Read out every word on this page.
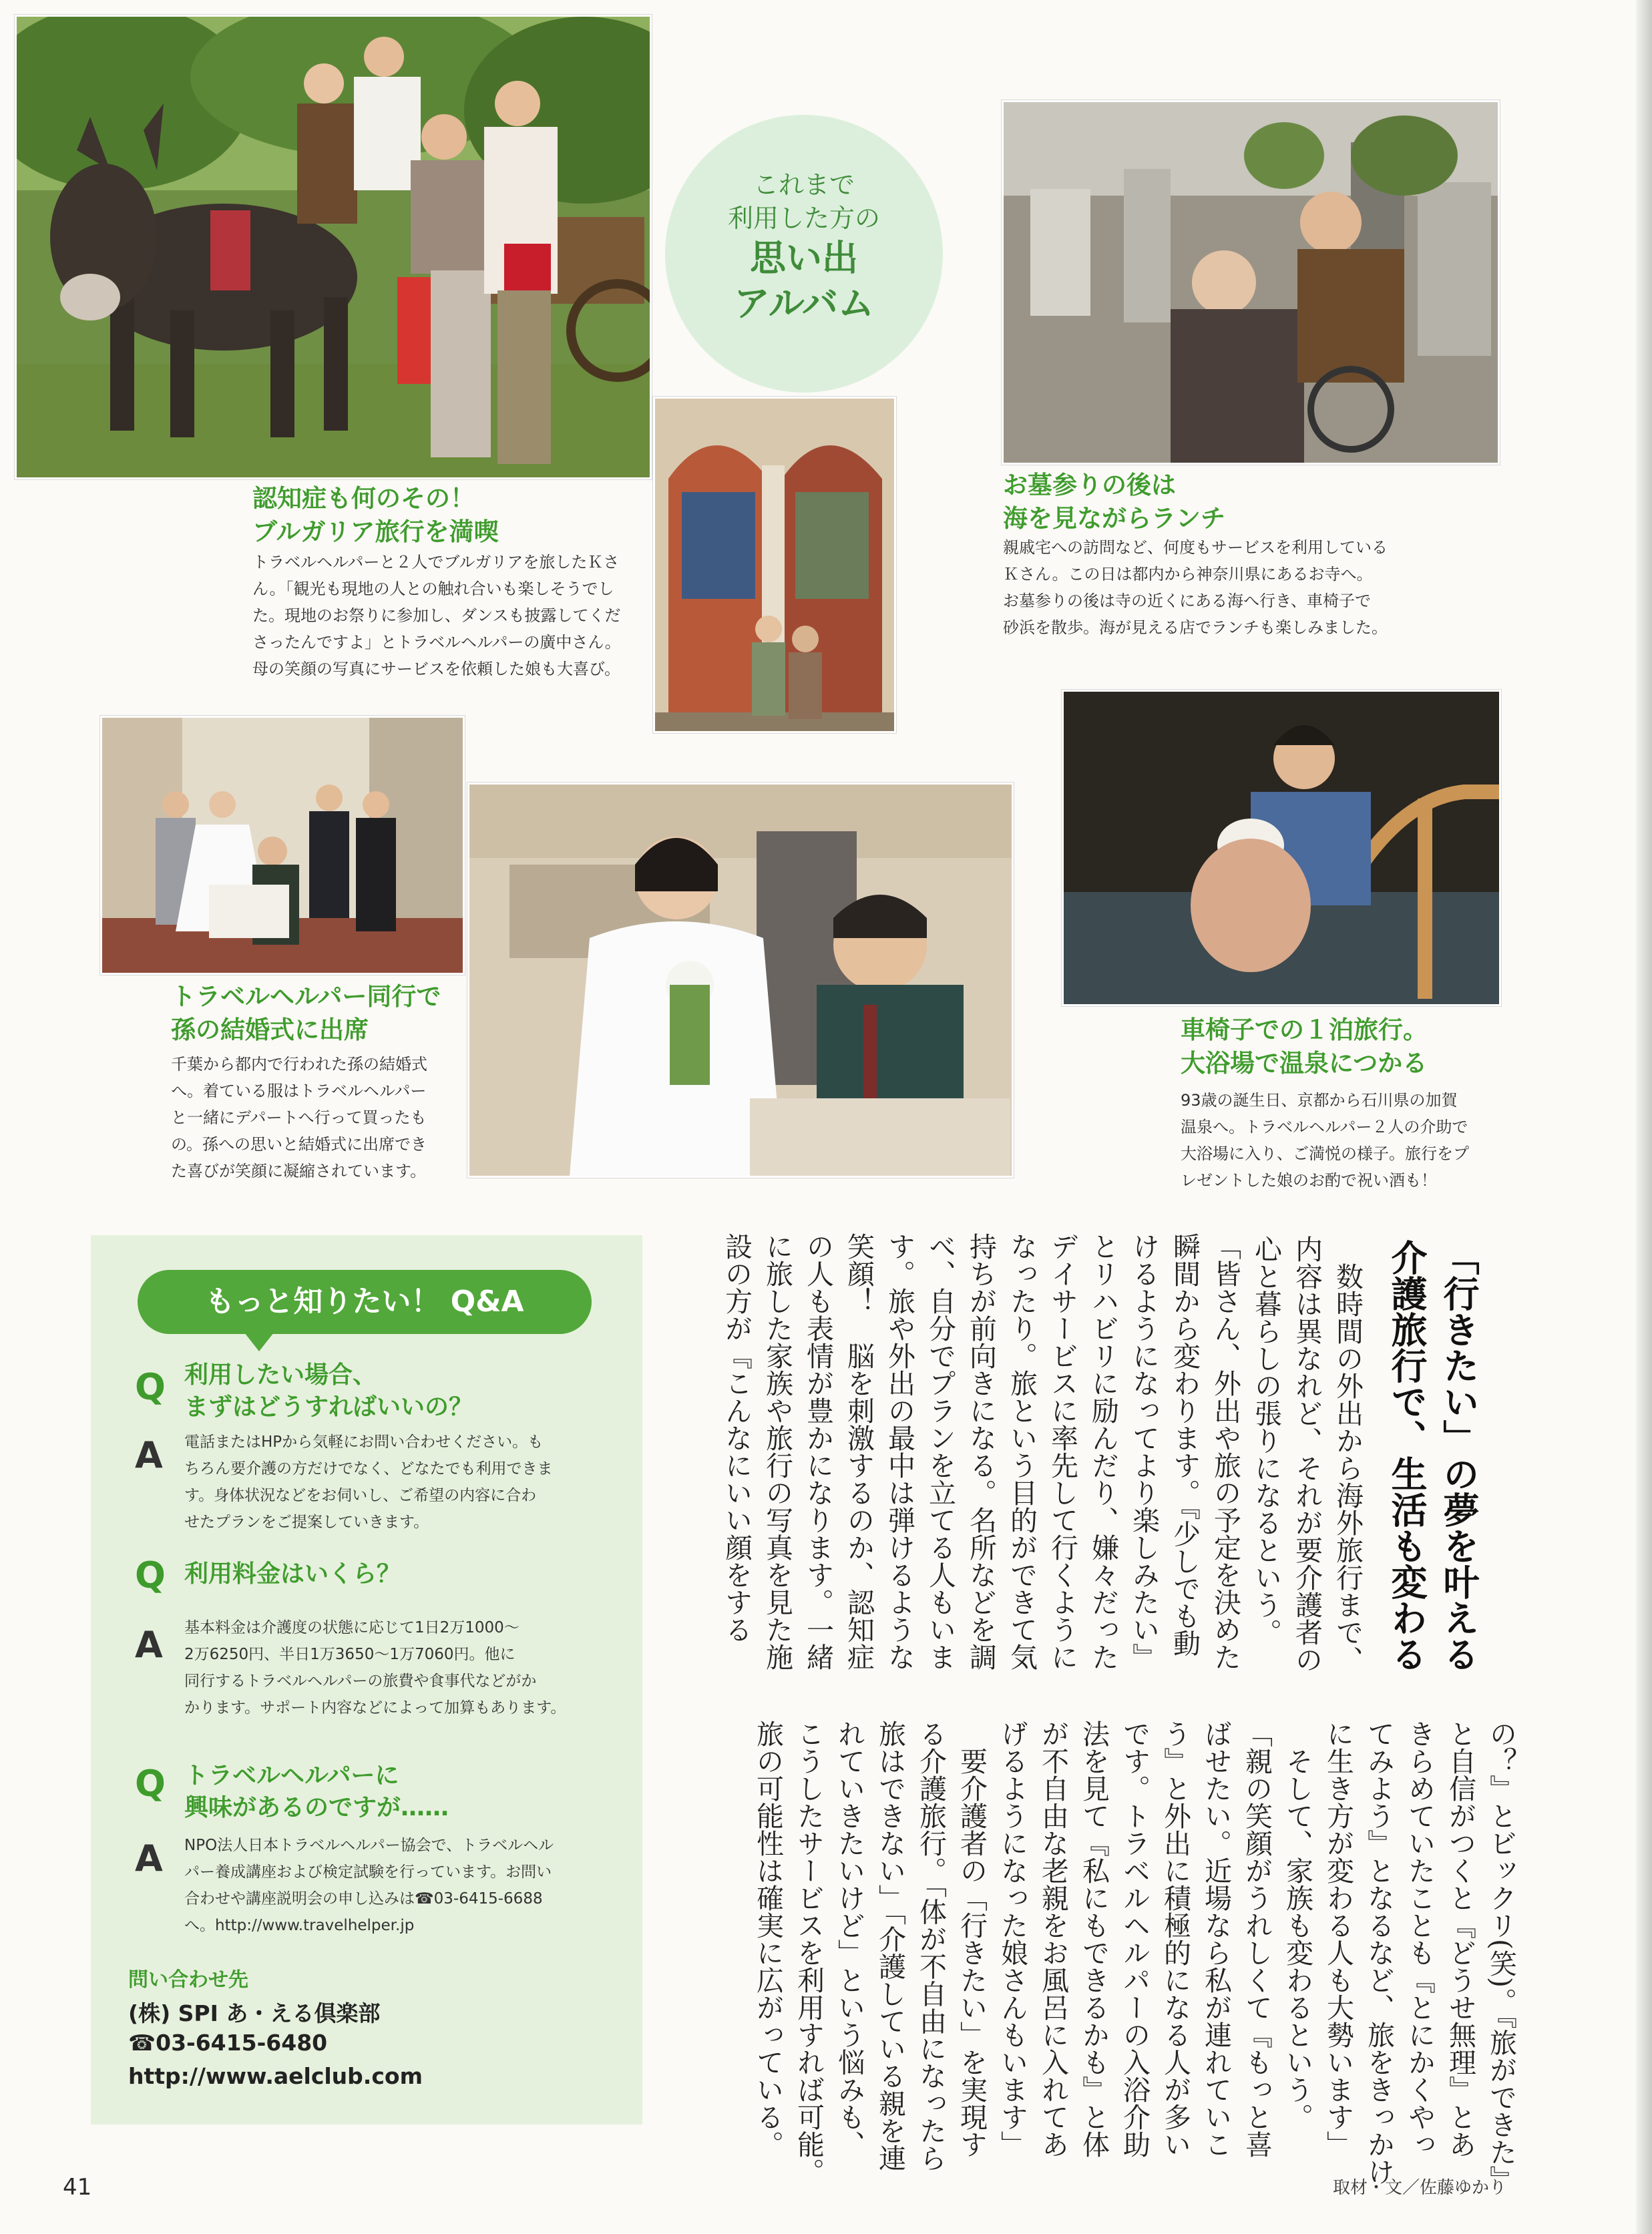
これまで
利用した方の
思い出
アルバム
認知症も何のその！
ブルガリア旅行を満喫
トラベルヘルパーと２人でブルガリアを旅したＫさ
ん。「観光も現地の人との触れ合いも楽しそうでし
た。現地のお祭りに参加し、ダンスも披露してくだ
さったんですよ」とトラベルヘルパーの廣中さん。
母の笑顔の写真にサービスを依頼した娘も大喜び。
お墓参りの後は
海を見ながらランチ
親戚宅への訪問など、何度もサービスを利用している
Ｋさん。この日は都内から神奈川県にあるお寺へ。
お墓参りの後は寺の近くにある海へ行き、車椅子で
砂浜を散歩。海が見える店でランチも楽しみました。
トラベルヘルパー同行で
孫の結婚式に出席
千葉から都内で行われた孫の結婚式
へ。着ている服はトラベルヘルパー
と一緒にデパートへ行って買ったも
の。孫への思いと結婚式に出席でき
た喜びが笑顔に凝縮されています。
車椅子での１泊旅行。
大浴場で温泉につかる
93歳の誕生日、京都から石川県の加賀
温泉へ。トラベルヘルパー２人の介助で
大浴場に入り、ご満悦の様子。旅行をプ
レゼントした娘のお酌で祝い酒も！
もっと知りたい！ Q&A
Q 利用したい場合、
まずはどうすればいいの？
A 電話またはHPから気軽にお問い合わせください。も
ちろん要介護の方だけでなく、どなたでも利用できま
す。身体状況などをお伺いし、ご希望の内容に合わ
せたプランをご提案していきます。
Q 利用料金はいくら？
A 基本料金は介護度の状態に応じて1日2万1000〜
2万6250円、半日1万3650〜1万7060円。他に
同行するトラベルヘルパーの旅費や食事代などがか
かります。サポート内容などによって加算もあります。
Q トラベルヘルパーに
興味があるのですが……
A NPO法人日本トラベルヘルパー協会で、トラベルヘル
パー養成講座および検定試験を行っています。お問い
合わせや講座説明会の申し込みは☎03-6415-6688
へ。http://www.travelhelper.jp
問い合わせ先
(株) SPI あ・える倶楽部
☎03-6415-6480
http://www.aelclub.com
「行きたい」の夢を叶える
介護旅行で、生活も変わる
　数時間の外出から海外旅行まで、
内容は異なれど、それが要介護者の
心と暮らしの張りになるという。
「皆さん、外出や旅の予定を決めた
瞬間から変わります。『少しでも動
けるようになってより楽しみたい』
とリハビリに励んだり、嫌々だった
デイサービスに率先して行くように
なったり。旅という目的ができて気
持ちが前向きになる。名所などを調
べ、自分でプランを立てる人もいま
す。旅や外出の最中は弾けるような
笑顔！　脳を刺激するのか、認知症
の人も表情が豊かになります。一緒
に旅した家族や旅行の写真を見た施
設の方が『こんなにいい顔をする
の？』とビックリ(笑)。『旅ができた』
と自信がつくと『どうせ無理』とあ
きらめていたことも『とにかくやっ
てみよう』となるなど、旅をきっかけ
に生き方が変わる人も大勢います」
　そして、家族も変わるという。
「親の笑顔がうれしくて『もっと喜
ばせたい。近場なら私が連れていこ
う』と外出に積極的になる人が多い
です。トラベルヘルパーの入浴介助
法を見て『私にもできるかも』と体
が不自由な老親をお風呂に入れてあ
げるようになった娘さんもいます」
　要介護者の「行きたい」を実現す
る介護旅行。「体が不自由になったら
旅はできない」「介護している親を連
れていきたいけど」という悩みも、
こうしたサービスを利用すれば可能。
旅の可能性は確実に広がっている。
41	取材・文／佐藤ゆかり
